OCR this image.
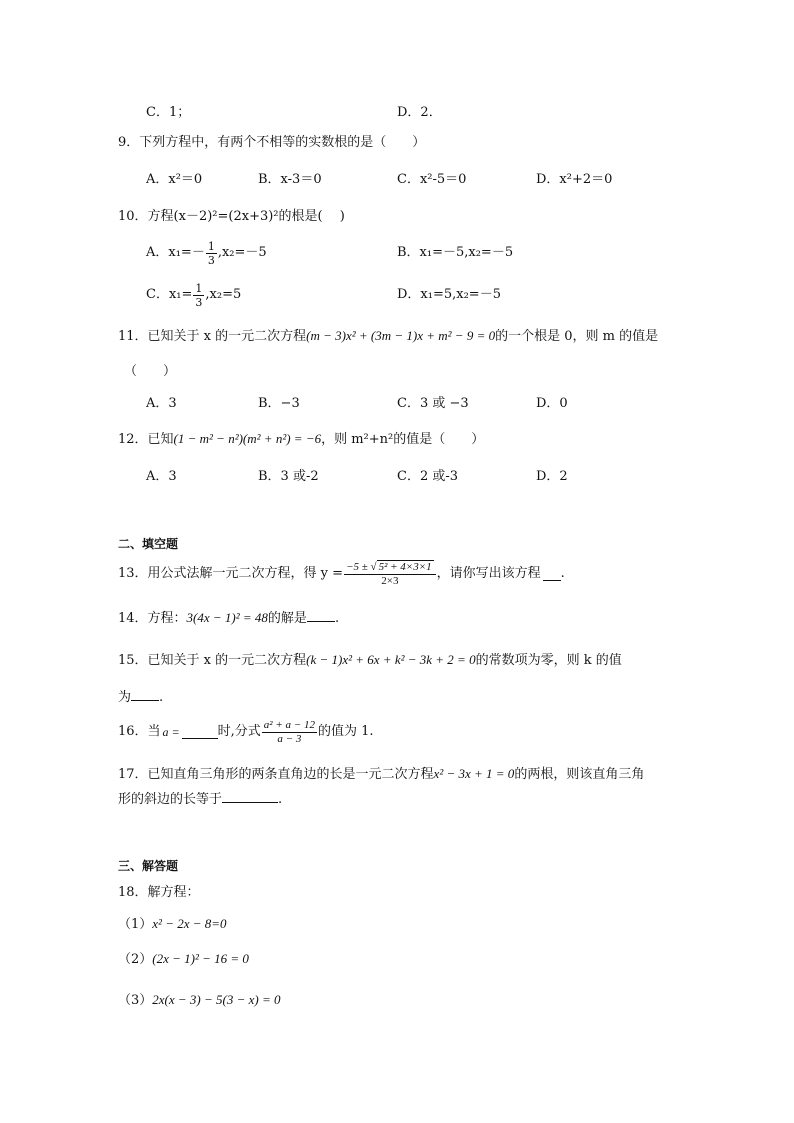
C．1；	D．2．
9．下列方程中，有两个不相等的实数根的是（　　）
A．x²＝0	B．x-3＝0	C．x²-5＝0	D．x²+2＝0
10．方程(x－2)²=(2x+3)²的根是(　 )
A．$x_1=- \frac{1}{3} ,x_2=-5$	B．x₁=－5,x₂=－5
C．$x_1= \frac{1}{3} ,x_2=5$	D．x₁=5,x₂=－5
11．已知关于 x 的一元二次方程(m − 3)x² + (3m − 1)x + m² − 9 = 0的一个根是 0，则 m 的值是
（　　）
A．3	B．−3	C．3 或 −3	D．0
12．已知(1 − m² − n²)(m² + n²) = −6，则 m²+n²的值是（　　）
A．3	B．3 或-2	C．2 或-3	D．2
二、填空题
13．用公式法解一元二次方程，得 $y = \frac{\text{−5 ± √ 5² + 4×3×1}}{2\times 3}$ ，请你写出该方程 .
14．方程：3(4x − 1)² = 48的解是 .
15．已知关于 x 的一元二次方程(k − 1)x² + 6x + k² − 3k + 2 = 0的常数项为零，则 k 的值
为 .
16．当 a =	时,分式 $\frac{\text{a² + a − 12}}{a - 3}$ 的值为 1.
17．已知直角三角形的两条直角边的长是一元二次方程x² − 3x + 1 = 0的两根，则该直角三角
形的斜边的长等于	.
三、解答题
18．解方程：
（1）x² − 2x − 8=0
（2）(2x − 1)² − 16 = 0
（3）2x(x − 3) − 5(3 − x) = 0
